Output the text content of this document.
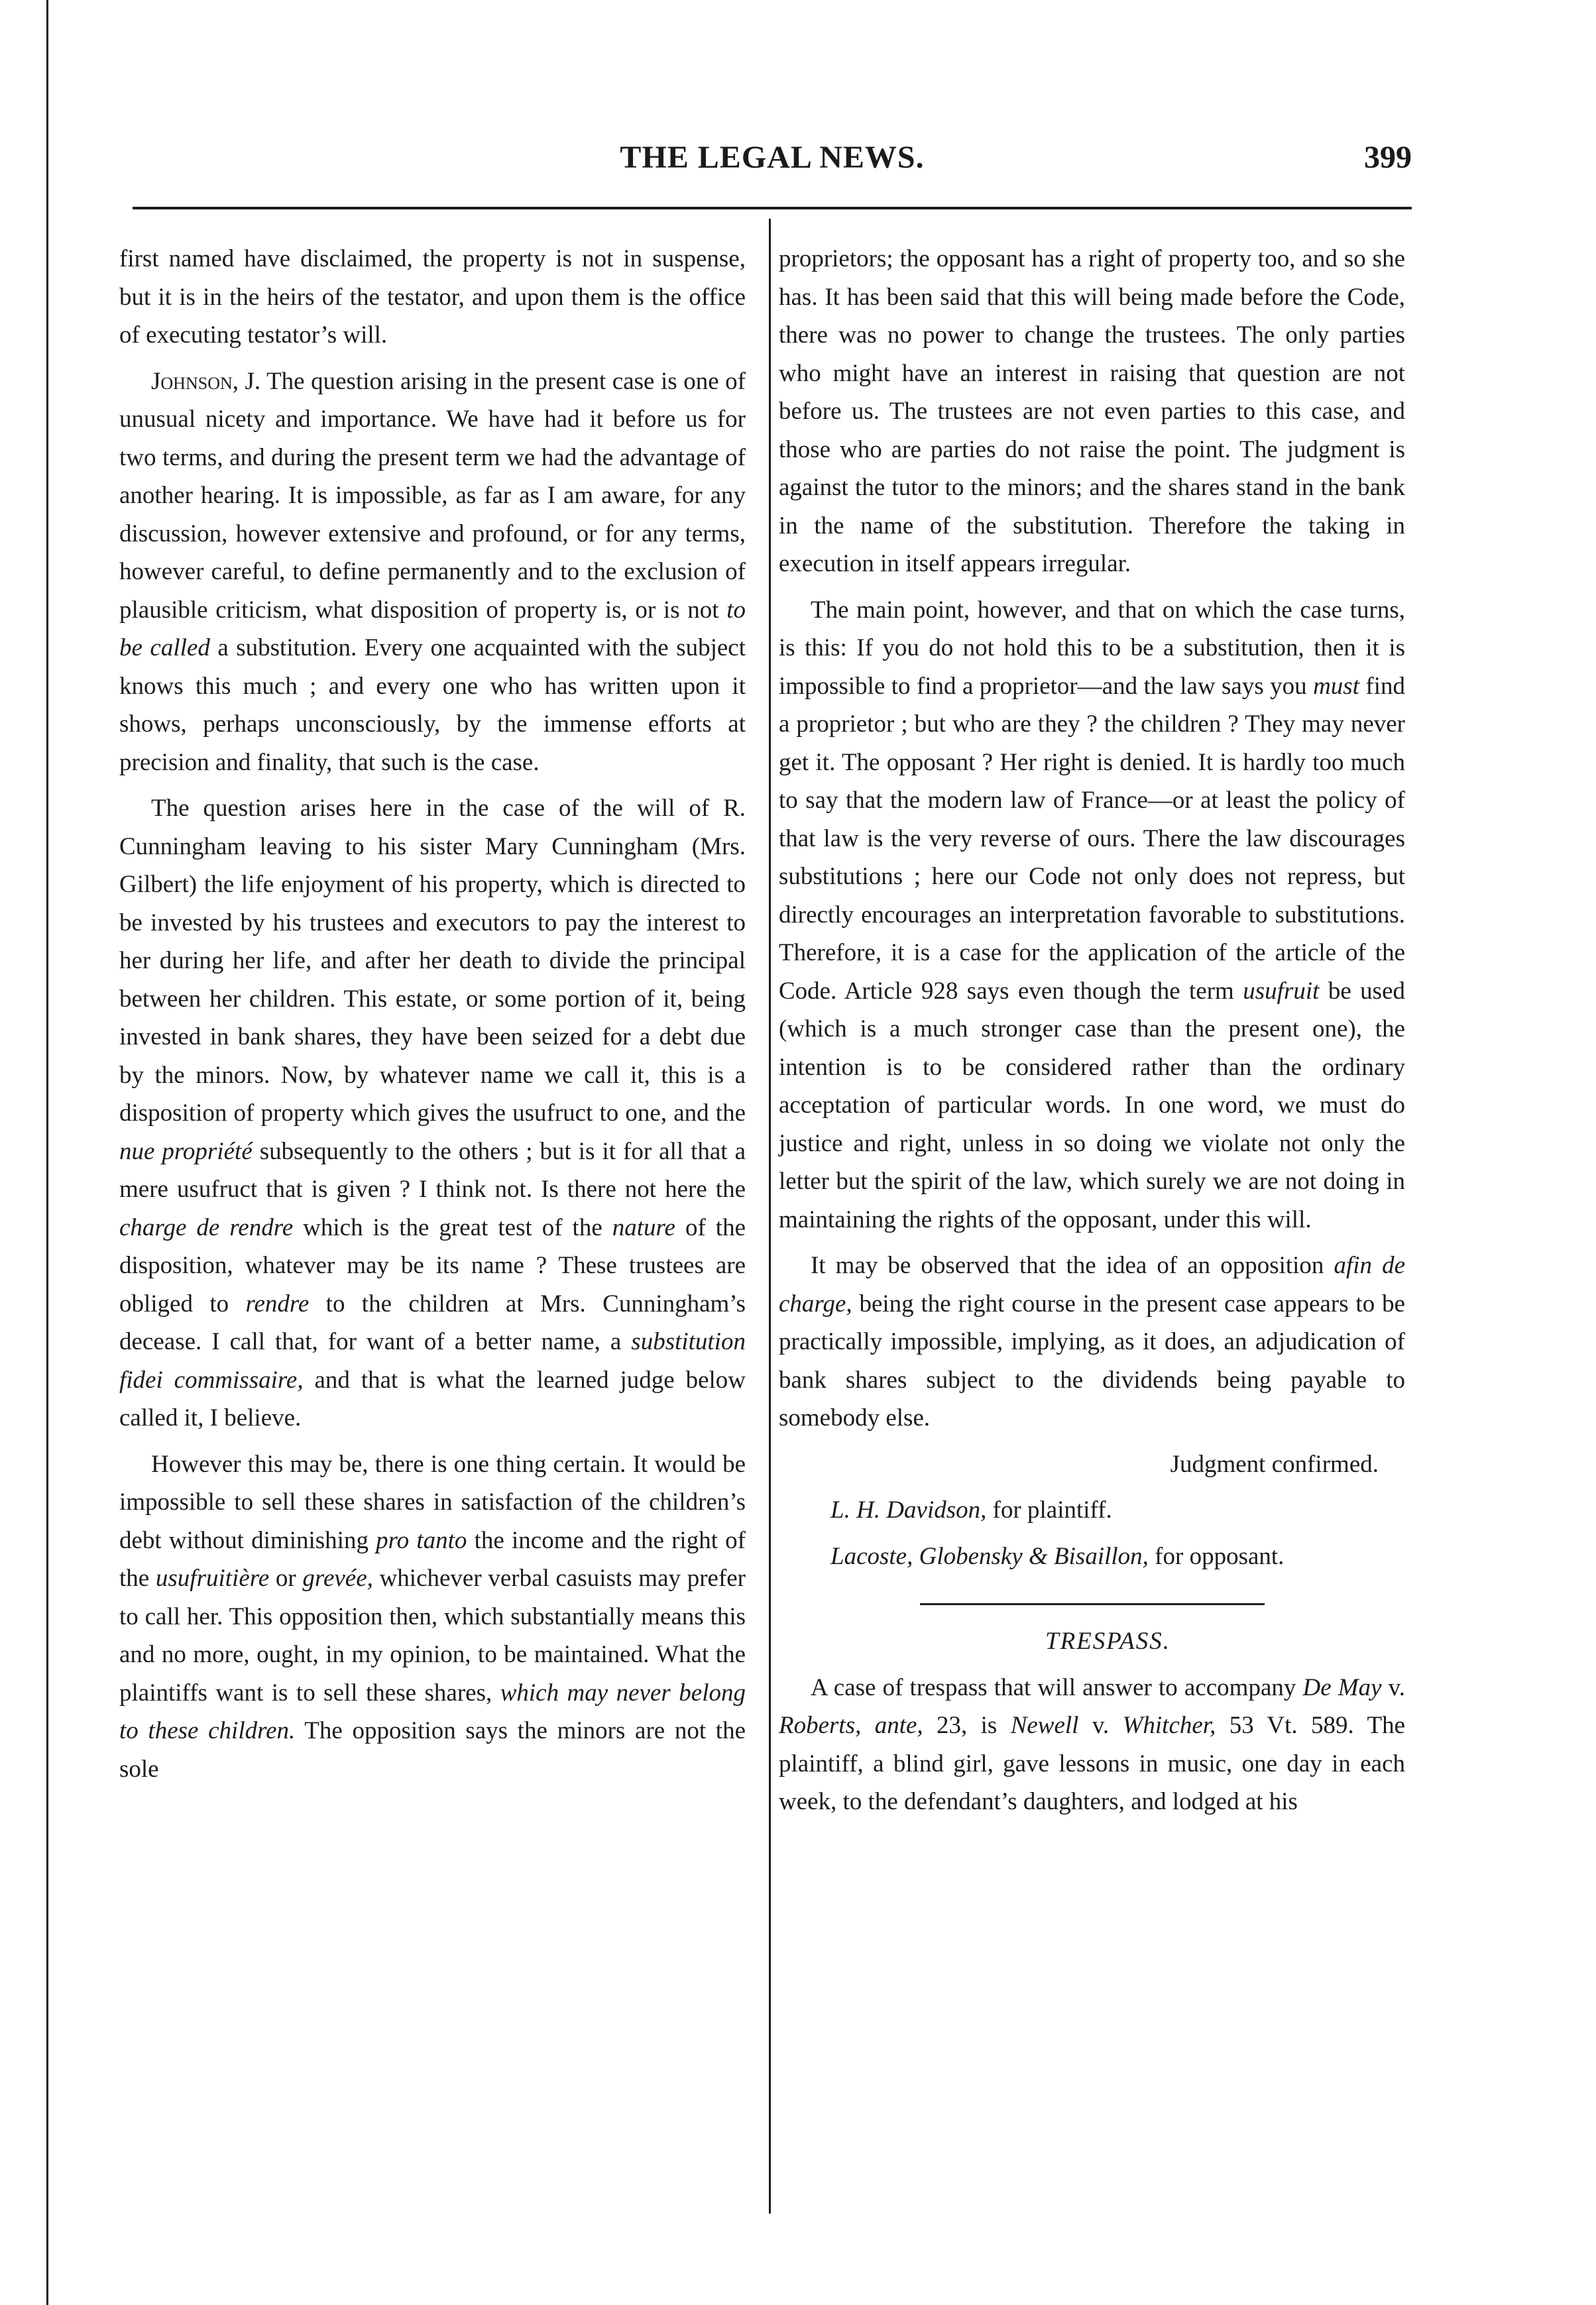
THE LEGAL NEWS.	399

first named have disclaimed, the property is not in suspense, but it is in the heirs of the testator, and upon them is the office of executing testator’s will.

Johnson, J. The question arising in the present case is one of unusual nicety and importance. We have had it before us for two terms, and during the present term we had the advantage of another hearing. It is impossible, as far as I am aware, for any discussion, however extensive and profound, or for any terms, however careful, to define permanently and to the exclusion of plausible criticism, what disposition of property is, or is not to be called a substitution. Every one acquainted with the subject knows this much ; and every one who has written upon it shows, perhaps unconsciously, by the immense efforts at precision and finality, that such is the case.

The question arises here in the case of the will of R. Cunningham leaving to his sister Mary Cunningham (Mrs. Gilbert) the life enjoyment of his property, which is directed to be invested by his trustees and executors to pay the interest to her during her life, and after her death to divide the principal between her children. This estate, or some portion of it, being invested in bank shares, they have been seized for a debt due by the minors. Now, by whatever name we call it, this is a disposition of property which gives the usufruct to one, and the nue propriété subsequently to the others ; but is it for all that a mere usufruct that is given ? I think not. Is there not here the charge de rendre which is the great test of the nature of the disposition, whatever may be its name ? These trustees are obliged to rendre to the children at Mrs. Cunningham’s decease. I call that, for want of a better name, a substitution fidei commissaire, and that is what the learned judge below called it, I believe.

However this may be, there is one thing certain. It would be impossible to sell these shares in satisfaction of the children’s debt without diminishing pro tanto the income and the right of the usufruitière or grevée, whichever verbal casuists may prefer to call her. This opposition then, which substantially means this and no more, ought, in my opinion, to be maintained. What the plaintiffs want is to sell these shares, which may never belong to these children. The opposition says the minors are not the sole

proprietors; the opposant has a right of property too, and so she has. It has been said that this will being made before the Code, there was no power to change the trustees. The only parties who might have an interest in raising that question are not before us. The trustees are not even parties to this case, and those who are parties do not raise the point. The judgment is against the tutor to the minors; and the shares stand in the bank in the name of the substitution. Therefore the taking in execution in itself appears irregular.

The main point, however, and that on which the case turns, is this: If you do not hold this to be a substitution, then it is impossible to find a proprietor—and the law says you must find a proprietor ; but who are they ? the children ? They may never get it. The opposant ? Her right is denied. It is hardly too much to say that the modern law of France—or at least the policy of that law is the very reverse of ours. There the law discourages substitutions ; here our Code not only does not repress, but directly encourages an interpretation favorable to substitutions. Therefore, it is a case for the application of the article of the Code. Article 928 says even though the term usufruit be used (which is a much stronger case than the present one), the intention is to be considered rather than the ordinary acceptation of particular words. In one word, we must do justice and right, unless in so doing we violate not only the letter but the spirit of the law, which surely we are not doing in maintaining the rights of the opposant, under this will.

It may be observed that the idea of an opposition afin de charge, being the right course in the present case appears to be practically impossible, implying, as it does, an adjudication of bank shares subject to the dividends being payable to somebody else.

Judgment confirmed.

L. H. Davidson, for plaintiff.

Lacoste, Globensky & Bisaillon, for opposant.

TRESPASS.

A case of trespass that will answer to accompany De May v. Roberts, ante, 23, is Newell v. Whitcher, 53 Vt. 589. The plaintiff, a blind girl, gave lessons in music, one day in each week, to the defendant’s daughters, and lodged at his
